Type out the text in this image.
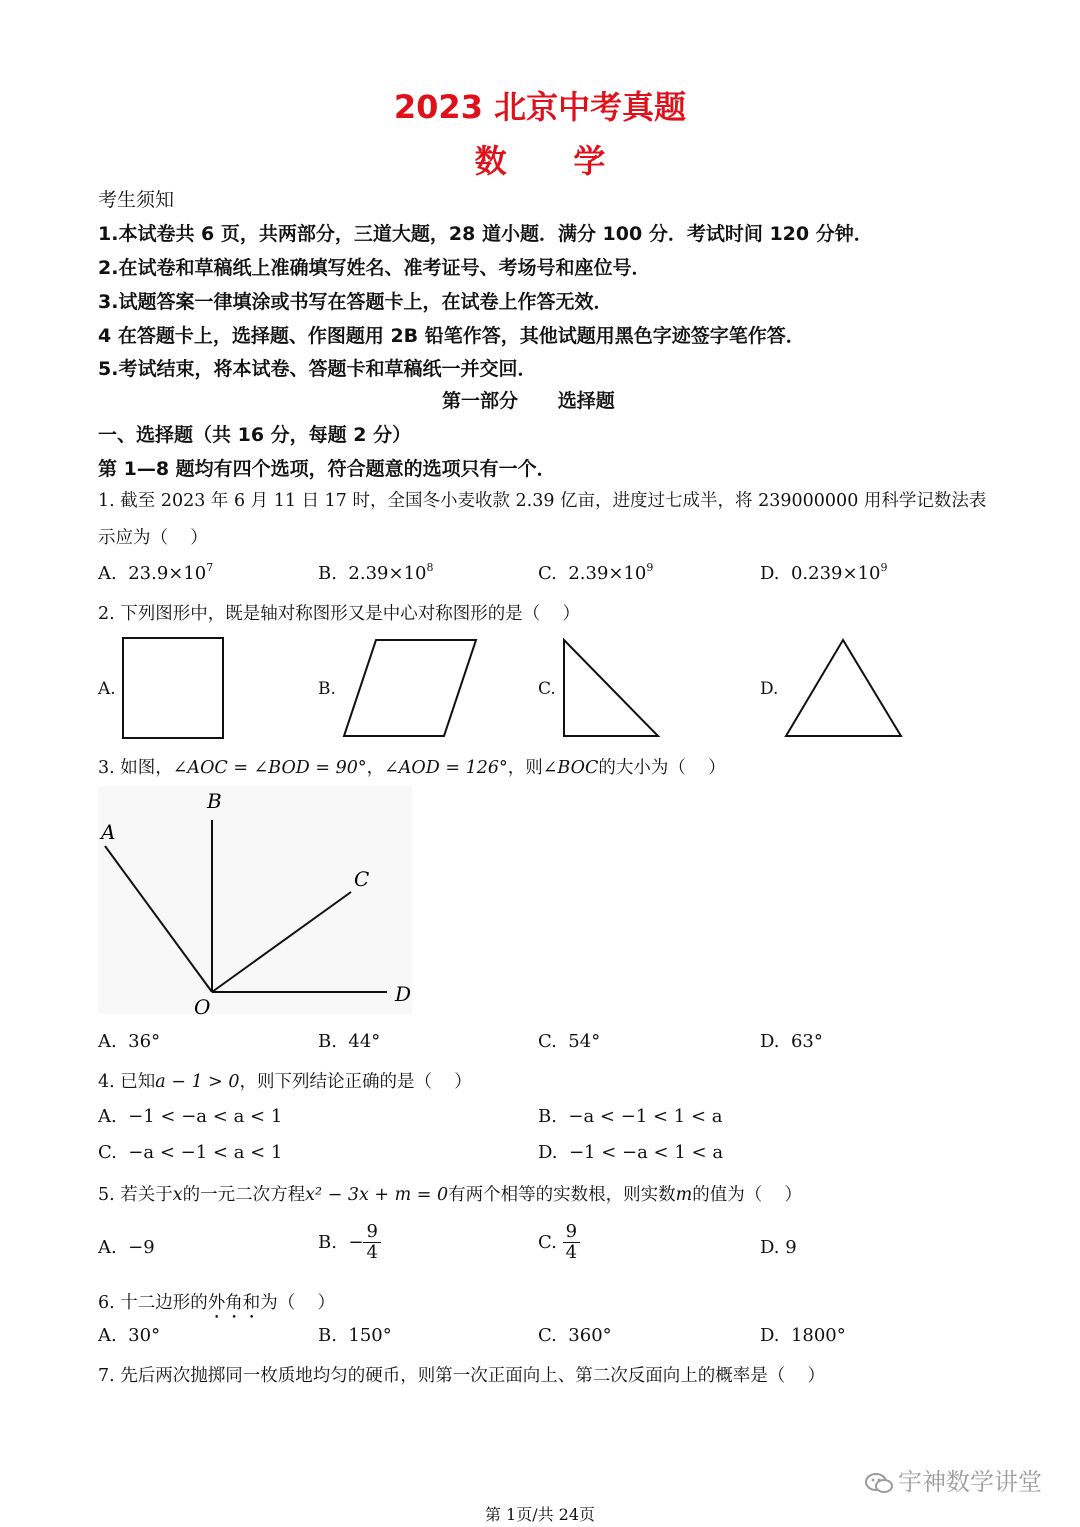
2023 北京中考真题
数      学
考生须知
1.本试卷共 6 页，共两部分，三道大题，28 道小题．满分 100 分．考试时间 120 分钟．
2.在试卷和草稿纸上准确填写姓名、准考证号、考场号和座位号．
3.试题答案一律填涂或书写在答题卡上，在试卷上作答无效．
4 在答题卡上，选择题、作图题用 2B 铅笔作答，其他试题用黑色字迹签字笔作答．
5.考试结束，将本试卷、答题卡和草稿纸一并交回．
第一部分      选择题
一、选择题（共 16 分，每题 2 分）
第 1—8 题均有四个选项，符合题意的选项只有一个．
1. 截至 2023 年 6 月 11 日 17 时，全国冬小麦收款 2.39 亿亩，进度过七成半，将 239000000 用科学记数法表
示应为（    ）
A. $23.9\times 10^7$	B. $2.39\times 10^8$	C. $2.39\times 10^9$	D. $0.239\times 10^9$
2. 下列图形中，既是轴对称图形又是中心对称图形的是（    ）
A.	B.	C.	D.
3. 如图，∠AOC = ∠BOD = 90°，∠AOD = 126°，则∠BOC的大小为（    ）
B
A
C
D
O
A.  36°	B.  44°	C.  54°	D.  63°
4. 已知a − 1 > 0，则下列结论正确的是（    ）
A.  −1 < −a < a < 1	B.  −a < −1 < 1 < a
C.  −a < −1 < a < 1	D.  −1 < −a < 1 < a
5. 若关于x的一元二次方程x² − 3x + m = 0有两个相等的实数根，则实数m的值为（    ）
A.  −9	B.  − $\frac{9}{4}$	C. $\frac{9}{4}$	D. 9
6. 十二边形的外角和为（    ）
A.  30°	B.  150°	C.  360°	D.  1800°
7. 先后两次抛掷同一枚质地均匀的硬币，则第一次正面向上、第二次反面向上的概率是（    ）
宇神数学讲堂
第 1页/共 24页
